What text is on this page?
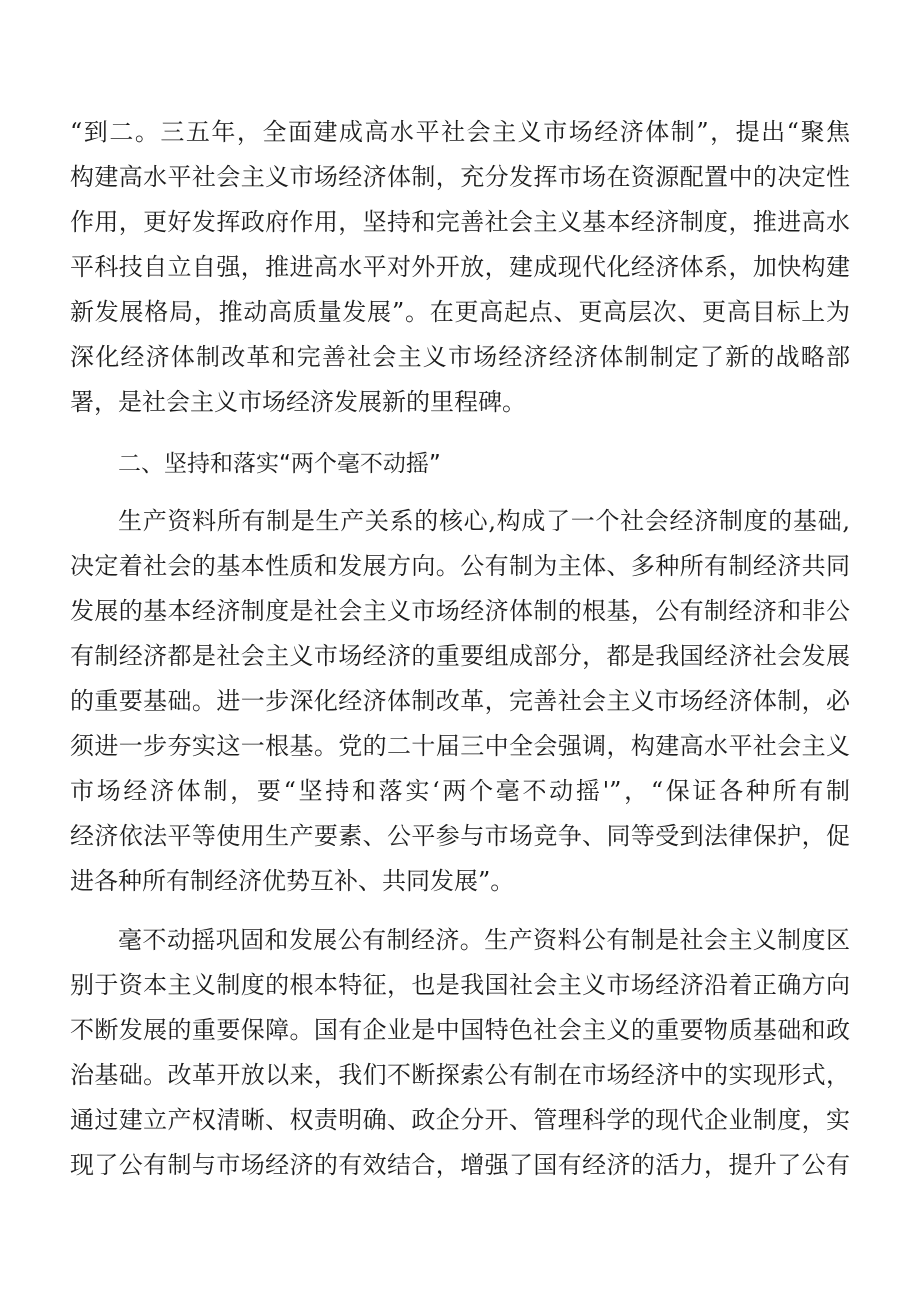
“到二。三五年，全面建成高水平社会主义市场经济体制”，提出“聚焦
构建高水平社会主义市场经济体制，充分发挥市场在资源配置中的决定性
作用，更好发挥政府作用，坚持和完善社会主义基本经济制度，推进高水
平科技自立自强，推进高水平对外开放，建成现代化经济体系，加快构建
新发展格局，推动高质量发展”。在更高起点、更高层次、更高目标上为
深化经济体制改革和完善社会主义市场经济经济体制制定了新的战略部
署，是社会主义市场经济发展新的里程碑。
二、坚持和落实“两个毫不动摇”
生产资料所有制是生产关系的核心,构成了一个社会经济制度的基础,
决定着社会的基本性质和发展方向。公有制为主体、多种所有制经济共同
发展的基本经济制度是社会主义市场经济体制的根基，公有制经济和非公
有制经济都是社会主义市场经济的重要组成部分，都是我国经济社会发展
的重要基础。进一步深化经济体制改革，完善社会主义市场经济体制，必
须进一步夯实这一根基。党的二十届三中全会强调，构建高水平社会主义
市场经济体制，要“坚持和落实‘两个毫不动摇'”，“保证各种所有制
经济依法平等使用生产要素、公平参与市场竞争、同等受到法律保护，促
进各种所有制经济优势互补、共同发展”。
毫不动摇巩固和发展公有制经济。生产资料公有制是社会主义制度区
别于资本主义制度的根本特征，也是我国社会主义市场经济沿着正确方向
不断发展的重要保障。国有企业是中国特色社会主义的重要物质基础和政
治基础。改革开放以来，我们不断探索公有制在市场经济中的实现形式，
通过建立产权清晰、权责明确、政企分开、管理科学的现代企业制度，实
现了公有制与市场经济的有效结合，增强了国有经济的活力，提升了公有
